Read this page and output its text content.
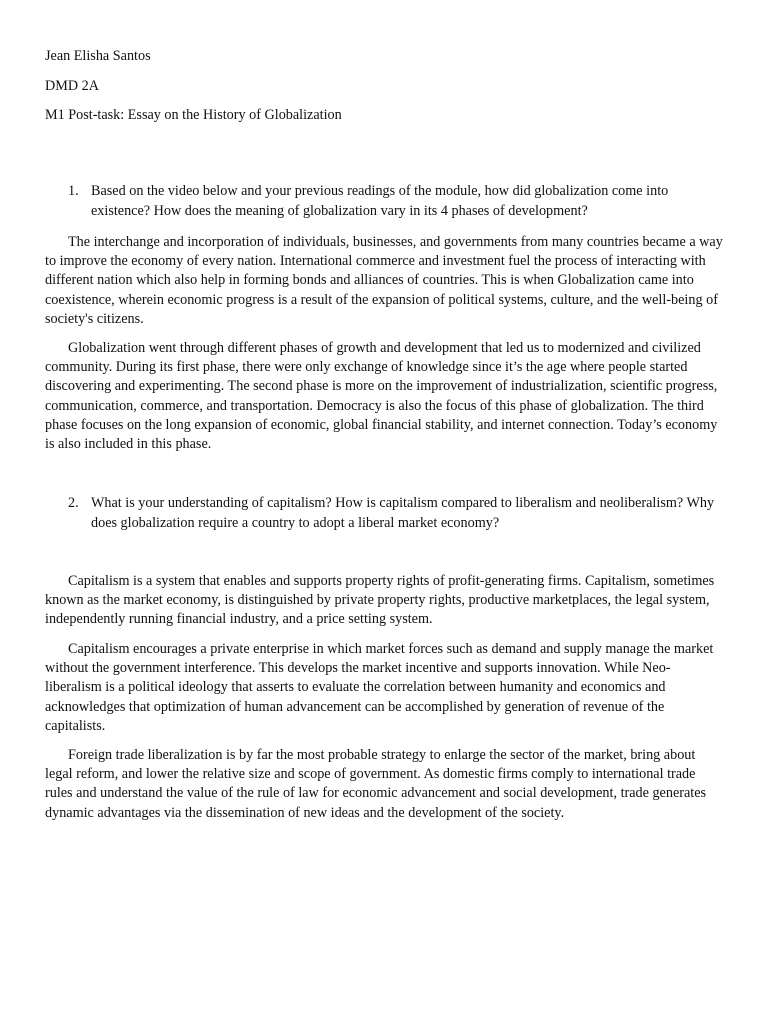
Jean Elisha Santos
DMD 2A
M1 Post-task: Essay on the History of Globalization
1. Based on the video below and your previous readings of the module, how did globalization come into existence? How does the meaning of globalization vary in its 4 phases of development?

The interchange and incorporation of individuals, businesses, and governments from many countries became a way to improve the economy of every nation. International commerce and investment fuel the process of interacting with different nation which also help in forming bonds and alliances of countries. This is when Globalization came into coexistence, wherein economic progress is a result of the expansion of political systems, culture, and the well-being of society's citizens.

Globalization went through different phases of growth and development that led us to modernized and civilized community. During its first phase, there were only exchange of knowledge since it’s the age where people started discovering and experimenting. The second phase is more on the improvement of industrialization, scientific progress, communication, commerce, and transportation. Democracy is also the focus of this phase of globalization. The third phase focuses on the long expansion of economic, global financial stability, and internet connection. Today’s economy is also included in this phase.

2. What is your understanding of capitalism? How is capitalism compared to liberalism and neoliberalism? Why does globalization require a country to adopt a liberal market economy?

Capitalism is a system that enables and supports property rights of profit-generating firms. Capitalism, sometimes known as the market economy, is distinguished by private property rights, productive marketplaces, the legal system, independently running financial industry, and a price setting system.

Capitalism encourages a private enterprise in which market forces such as demand and supply manage the market without the government interference. This develops the market incentive and supports innovation. While Neo-liberalism is a political ideology that asserts to evaluate the correlation between humanity and economics and acknowledges that optimization of human advancement can be accomplished by generation of revenue of the capitalists.

Foreign trade liberalization is by far the most probable strategy to enlarge the sector of the market, bring about legal reform, and lower the relative size and scope of government. As domestic firms comply to international trade rules and understand the value of the rule of law for economic advancement and social development, trade generates dynamic advantages via the dissemination of new ideas and the development of the society.
